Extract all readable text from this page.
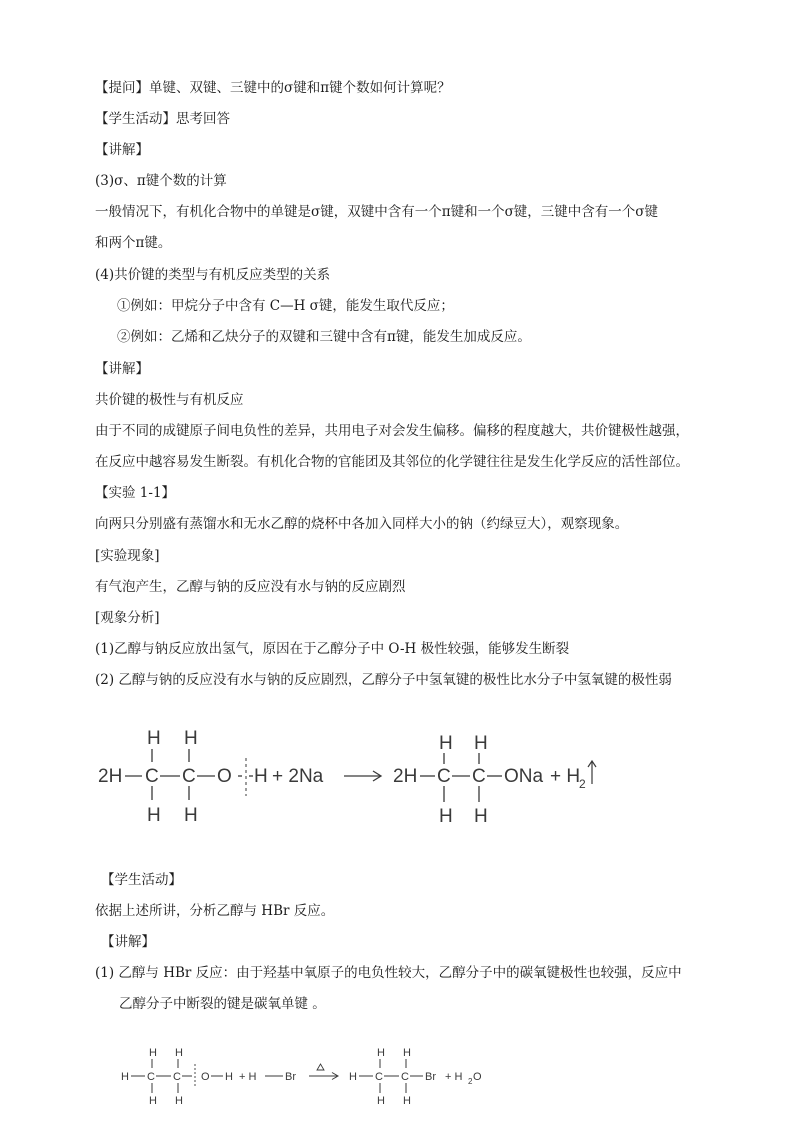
【提问】单键、双键、三键中的σ键和π键个数如何计算呢？
【学生活动】思考回答
【讲解】
(3)σ、π键个数的计算
一般情况下，有机化合物中的单键是σ键，双键中含有一个π键和一个σ键，三键中含有一个σ键
和两个π键。
(4)共价键的类型与有机反应类型的关系
①例如：甲烷分子中含有 C—H σ键，能发生取代反应；
②例如：乙烯和乙炔分子的双键和三键中含有π键，能发生加成反应。
【讲解】
共价键的极性与有机反应
由于不同的成键原子间电负性的差异，共用电子对会发生偏移。偏移的程度越大，共价键极性越强，
在反应中越容易发生断裂。有机化合物的官能团及其邻位的化学键往往是发生化学反应的活性部位。
【实验 1-1】
向两只分别盛有蒸馏水和无水乙醇的烧杯中各加入同样大小的钠（约绿豆大），观察现象。
[实验现象]
有气泡产生，乙醇与钠的反应没有水与钠的反应剧烈
[观象分析]
(1)乙醇与钠反应放出氢气，原因在于乙醇分子中 O-H 极性较强，能够发生断裂
(2) 乙醇与钠的反应没有水与钠的反应剧烈，乙醇分子中氢氧键的极性比水分子中氢氧键的极性弱
2H C C O H + 2Na
H H
H H
2H C C ONa + H
2
H H
H H
【学生活动】
依据上述所讲，分析乙醇与 HBr 反应。
【讲解】
(1) 乙醇与 HBr 反应：由于羟基中氧原子的电负性较大，乙醇分子中的碳氧键极性也较强，反应中
乙醇分子中断裂的键是碳氧单键 。
H C C O H + H	Br
H H
H H
H C C Br + H 2 O
H H
H H
